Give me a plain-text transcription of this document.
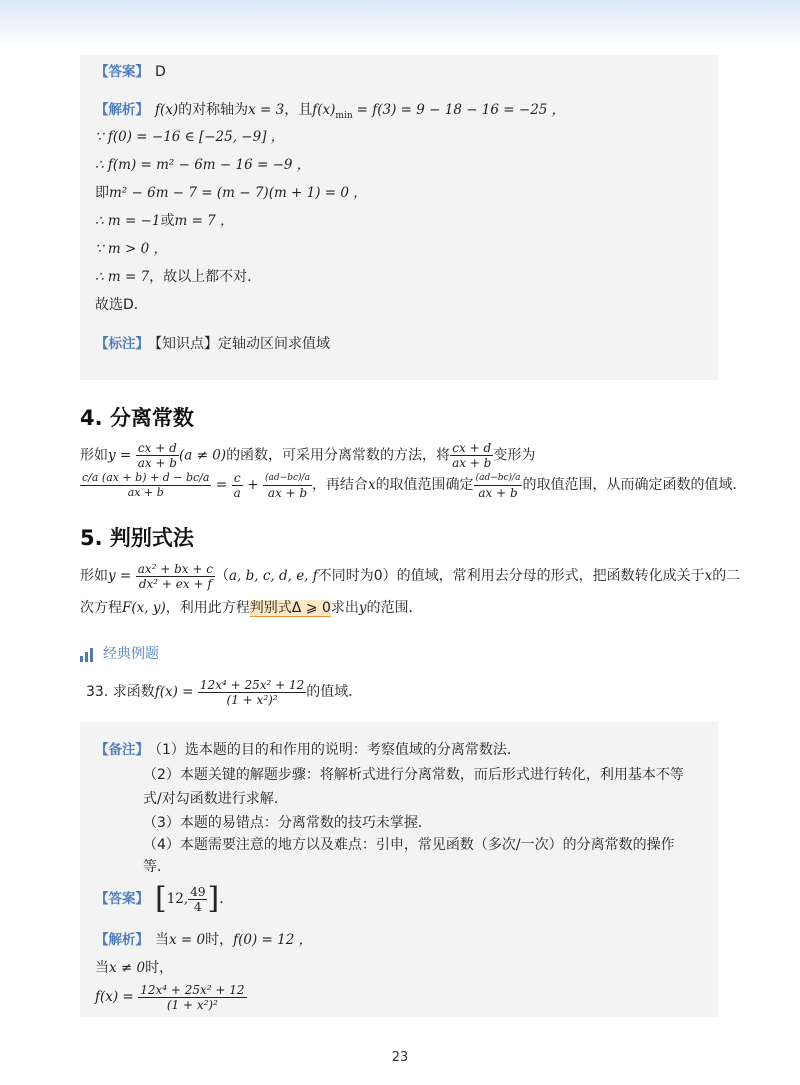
【答案】 D
【解析】 f(x)的对称轴为x = 3，且$f(x)_{min} = f(3) = 9 - 18 - 16 = -25$ ，
∵ f(0) = −16 ∈ [−25, −9] ，
∴ f(m) = m² − 6m − 16 = −9 ，
即m² − 6m − 7 = (m − 7)(m + 1) = 0 ，
∴ m = −1或m = 7 ，
∵ m > 0 ，
∴ m = 7，故以上都不对．
故选D．
【标注】 【知识点】定轴动区间求值域
4. 分离常数
形如$y = \frac{cx + d}{ax + b} (a \ne 0)$的函数，可采用分离常数的方法，将 $\frac{cx + d}{ax + b}$ 变形为
$\frac{c/a (ax + b) + d - bc/a}{ax + b} = \frac{c}{a} + \frac{(ad-bc)/a}{ax + b}$ ，再结合x的取值范围确定 $\frac{(ad-bc)/a}{ax + b}$ 的取值范围，从而确定函数的值域．
5. 判别式法
形如$y = \frac{\text{ax² + bx + c}}{\text{dx² + ex + f}} (a$, b, c, d, e, f不同时为0）的值域，常利用去分母的形式，把函数转化成关于x的二
次方程F(x, y)，利用此方程判别式Δ ⩾ 0求出y的范围．
经典例题
33. 求函数$f(x) = \frac{\text{12x⁴ + 25x² + 12}}{\text{(1 + x²)²}}$ 的值域．
【备注】 （1）选本题的目的和作用的说明：考察值域的分离常数法．
（2）本题关键的解题步骤：将解析式进行分离常数，而后形式进行转化，利用基本不等
式/对勾函数进行求解.
（3）本题的易错点：分离常数的技巧未掌握．
（4）本题需要注意的地方以及难点：引申，常见函数（多次/一次）的分离常数的操作
等．
【答案】 [12, $\frac{49}{4}$ ]．
【解析】 当x = 0时，f(0) = 12 ，
当x ≠ 0时，
$f(x) = \frac{\text{12x⁴ + 25x² + 12}}{\text{(1 + x²)²}}$
23
